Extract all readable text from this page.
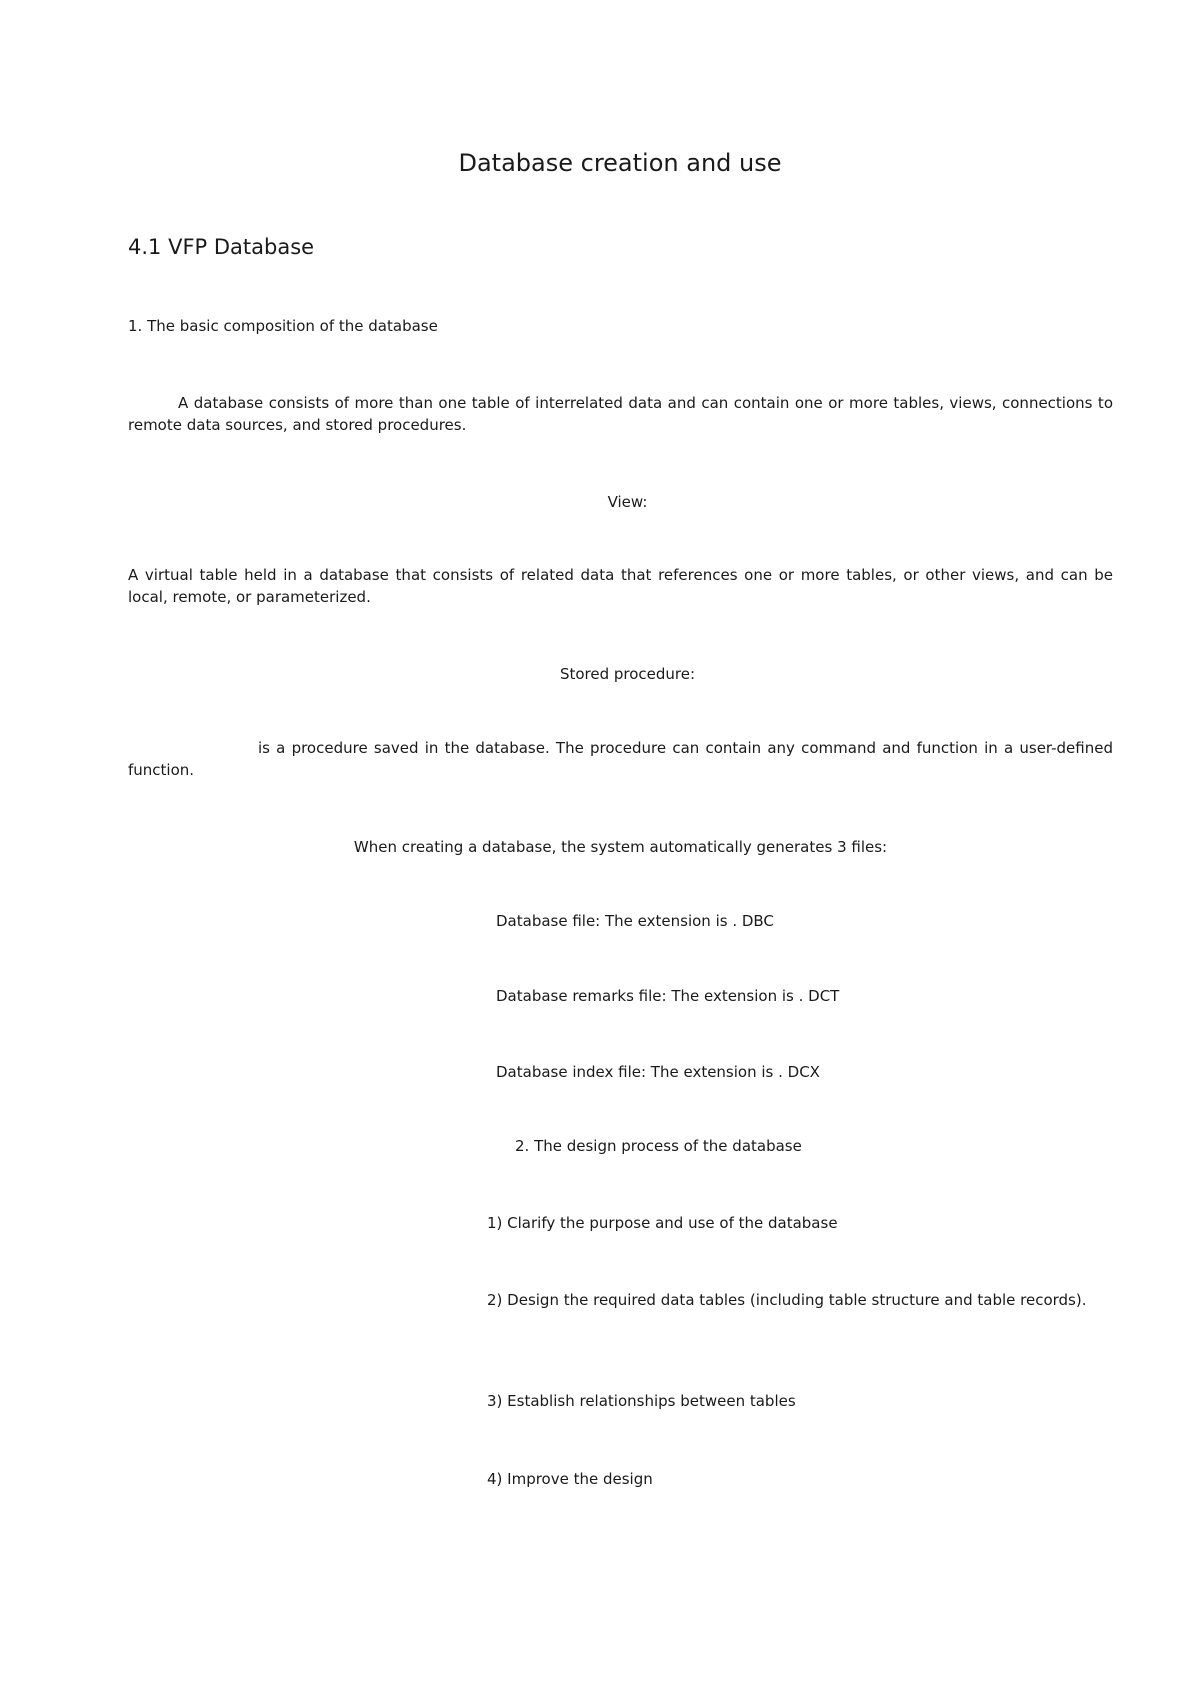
Database creation and use
4.1 VFP Database
1. The basic composition of the database
A database consists of more than one table of interrelated data and can contain one or more tables, views, connections to remote data sources, and stored procedures.
View:
A virtual table held in a database that consists of related data that references one or more tables, or other views, and can be local, remote, or parameterized.
Stored procedure:
is a procedure saved in the database. The procedure can contain any command and function in a user-defined function.
When creating a database, the system automatically generates 3 files:
Database file: The extension is . DBC
Database remarks file: The extension is . DCT
Database index file: The extension is . DCX
2. The design process of the database
1) Clarify the purpose and use of the database
2) Design the required data tables (including table structure and table records).
3) Establish relationships between tables
4) Improve the design
